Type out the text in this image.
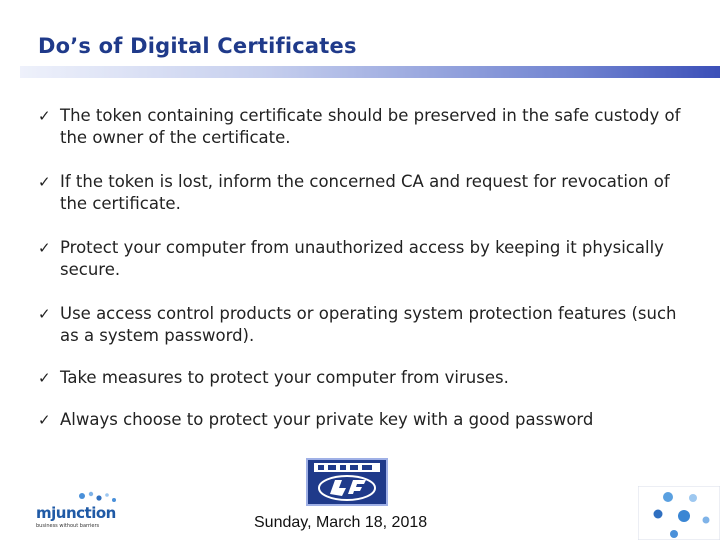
Do’s of Digital Certificates
✓ The token containing certificate should be preserved in the safe custody of the owner of the certificate.
✓ If the token is lost, inform the concerned CA and request for revocation of the certificate.
✓ Protect your computer from unauthorized access by keeping it physically secure.
✓ Use access control products or operating system protection features (such as a system password).
✓ Take measures to protect your computer from viruses.
✓ Always choose to protect your private key with a good password
mjunction
business without barriers	Sunday, March 18, 2018
